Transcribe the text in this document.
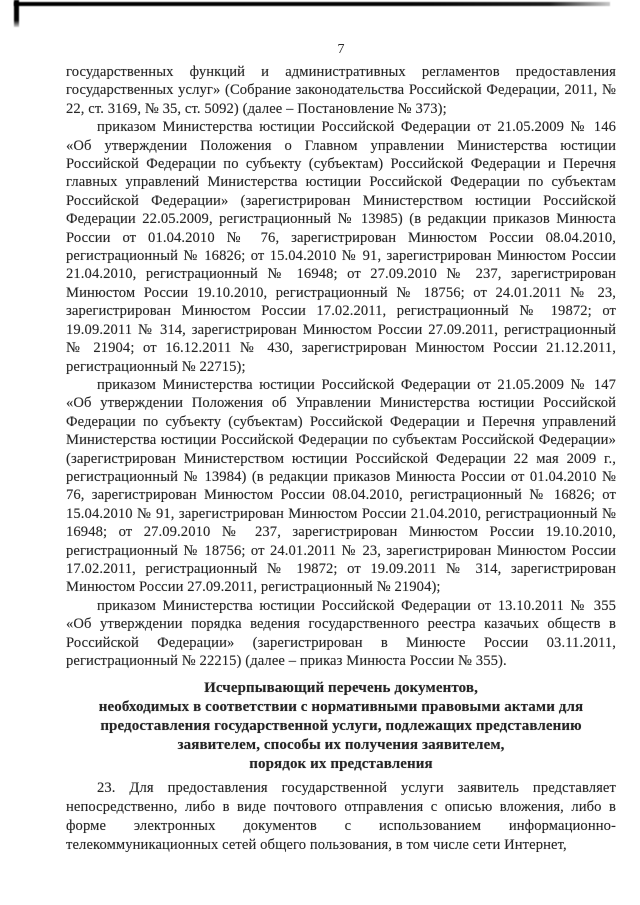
7

государственных функций и административных регламентов предоставления государственных услуг» (Собрание законодательства Российской Федерации, 2011, № 22, ст. 3169, № 35, ст. 5092) (далее – Постановление № 373);

приказом Министерства юстиции Российской Федерации от 21.05.2009 № 146 «Об утверждении Положения о Главном управлении Министерства юстиции Российской Федерации по субъекту (субъектам) Российской Федерации и Перечня главных управлений Министерства юстиции Российской Федерации по субъектам Российской Федерации» (зарегистрирован Министерством юстиции Российской Федерации 22.05.2009, регистрационный № 13985) (в редакции приказов Минюста России от 01.04.2010 № 76, зарегистрирован Минюстом России 08.04.2010, регистрационный № 16826; от 15.04.2010 № 91, зарегистрирован Минюстом России 21.04.2010, регистрационный № 16948; от 27.09.2010 № 237, зарегистрирован Минюстом России 19.10.2010, регистрационный № 18756; от 24.01.2011 № 23, зарегистрирован Минюстом России 17.02.2011, регистрационный № 19872; от 19.09.2011 № 314, зарегистрирован Минюстом России 27.09.2011, регистрационный № 21904; от 16.12.2011 № 430, зарегистрирован Минюстом России 21.12.2011, регистрационный № 22715);

приказом Министерства юстиции Российской Федерации от 21.05.2009 № 147 «Об утверждении Положения об Управлении Министерства юстиции Российской Федерации по субъекту (субъектам) Российской Федерации и Перечня управлений Министерства юстиции Российской Федерации по субъектам Российской Федерации» (зарегистрирован Министерством юстиции Российской Федерации 22 мая 2009 г., регистрационный № 13984) (в редакции приказов Минюста России от 01.04.2010 № 76, зарегистрирован Минюстом России 08.04.2010, регистрационный № 16826; от 15.04.2010 № 91, зарегистрирован Минюстом России 21.04.2010, регистрационный № 16948; от 27.09.2010 № 237, зарегистрирован Минюстом России 19.10.2010, регистрационный № 18756; от 24.01.2011 № 23, зарегистрирован Минюстом России 17.02.2011, регистрационный № 19872; от 19.09.2011 № 314, зарегистрирован Минюстом России 27.09.2011, регистрационный № 21904);

приказом Министерства юстиции Российской Федерации от 13.10.2011 № 355 «Об утверждении порядка ведения государственного реестра казачьих обществ в Российской Федерации» (зарегистрирован в Минюсте России 03.11.2011, регистрационный № 22215) (далее – приказ Минюста России № 355).

Исчерпывающий перечень документов,
необходимых в соответствии с нормативными правовыми актами для
предоставления государственной услуги, подлежащих представлению
заявителем, способы их получения заявителем,
порядок их представления

23. Для предоставления государственной услуги заявитель представляет непосредственно, либо в виде почтового отправления с описью вложения, либо в форме электронных документов с использованием информационно-телекоммуникационных сетей общего пользования, в том числе сети Интернет,
